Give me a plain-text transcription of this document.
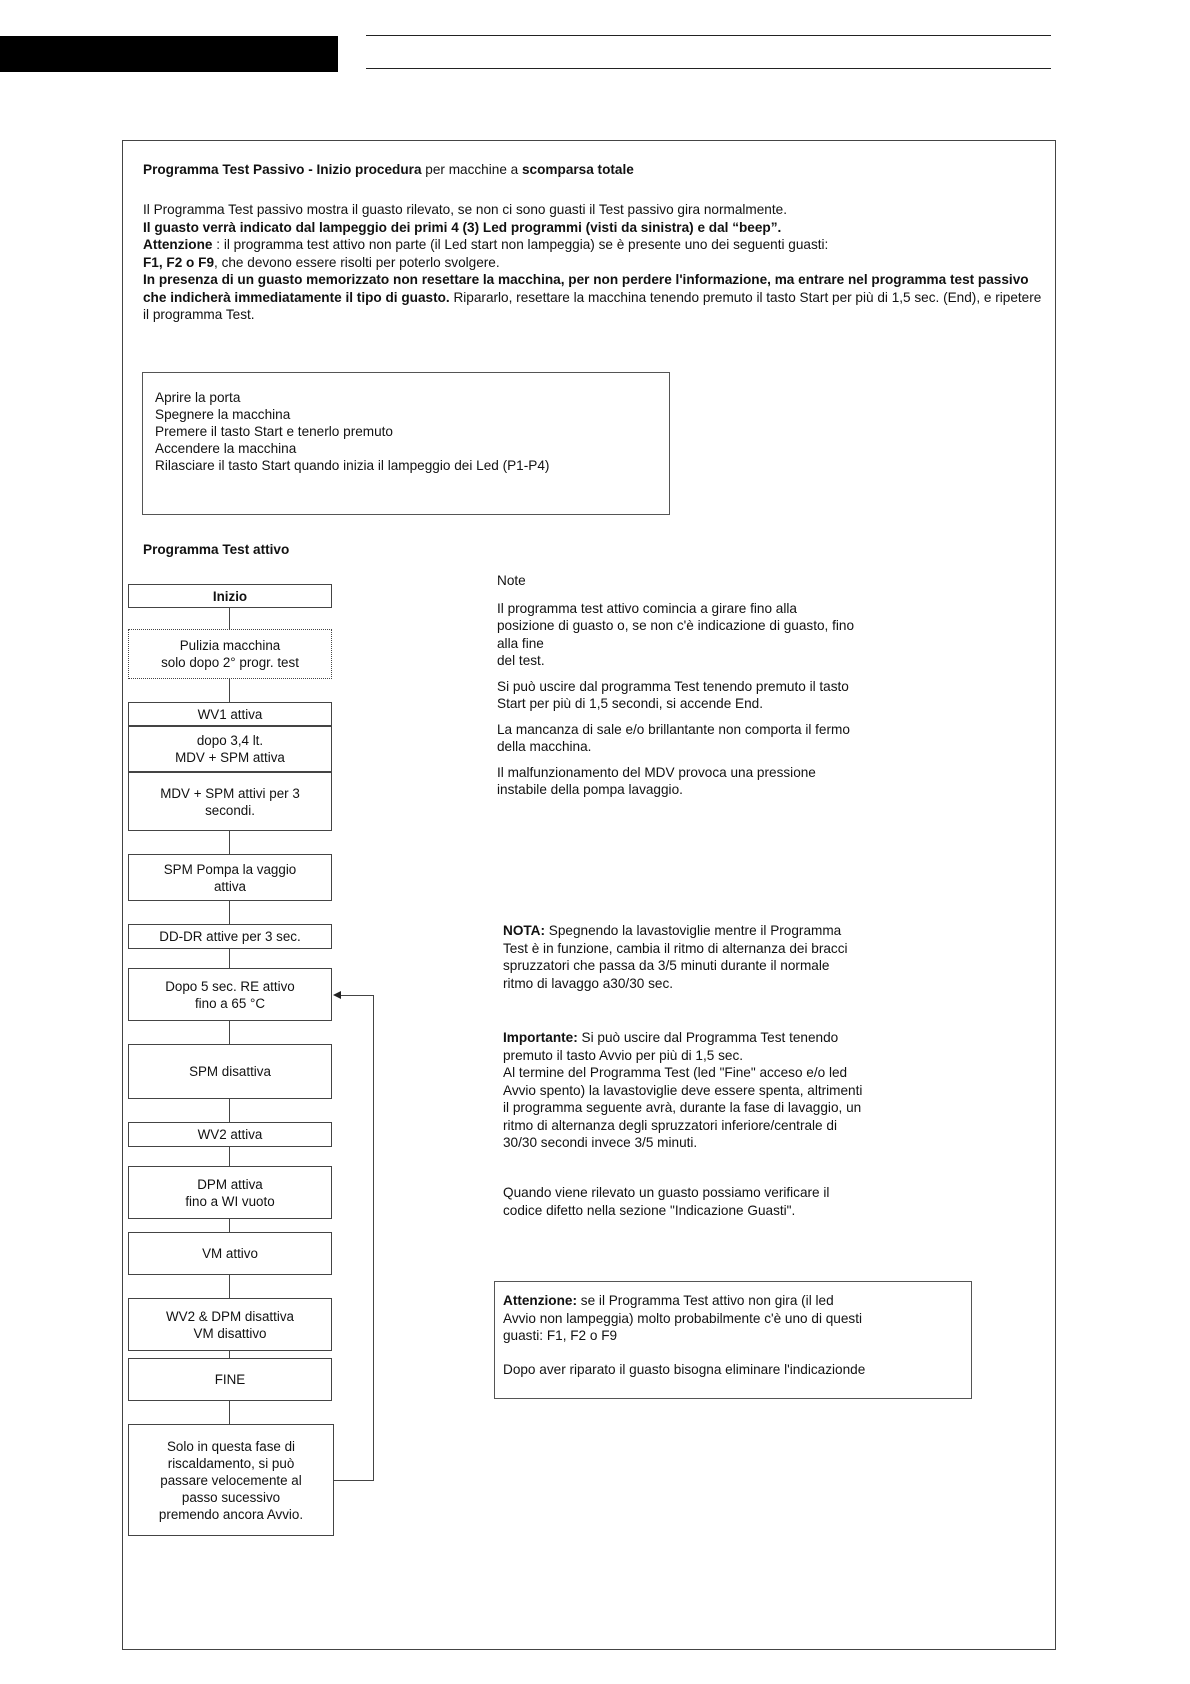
Programma Test Passivo - Inizio procedura per macchine a scomparsa totale
Il Programma Test passivo mostra il guasto rilevato, se non ci sono guasti il Test passivo gira normalmente.
Il guasto verrà indicato dal lampeggio dei primi 4 (3) Led programmi (visti da sinistra) e dal “beep”.
Attenzione : il programma test attivo non parte (il Led start non lampeggia) se è presente uno dei seguenti guasti:
F1, F2 o F9, che devono essere risolti per poterlo svolgere.
In presenza di un guasto memorizzato non resettare la macchina, per non perdere l'informazione, ma entrare nel programma test passivo che indicherà immediatamente il tipo di guasto. Ripararlo, resettare la macchina tenendo premuto il tasto Start per più di 1,5 sec. (End), e ripetere il programma Test.
Aprire la porta
Spegnere la macchina
Premere il tasto Start e tenerlo premuto
Accendere la macchina
Rilasciare il tasto Start quando inizia il lampeggio dei Led (P1-P4)
Programma Test attivo
Inizio
Pulizia macchina
solo dopo 2° progr. test
WV1 attiva
dopo 3,4 lt.
MDV + SPM attiva
MDV + SPM attivi per 3
secondi.
SPM Pompa la vaggio
attiva
DD-DR attive per 3 sec.
Dopo 5 sec. RE attivo
fino a 65 °C
SPM disattiva
WV2 attiva
DPM attiva
fino a WI vuoto
VM attivo
WV2 & DPM disattiva
VM disattivo
FINE
Solo in questa fase di
riscaldamento, si può
passare velocemente al
passo sucessivo
premendo ancora Avvio.

Note

Il programma test attivo comincia a girare fino alla
posizione di guasto o, se non c'è indicazione di guasto, fino
alla fine
del test.

Si può uscire dal programma Test tenendo premuto il tasto
Start per più di 1,5 secondi, si accende End.

La mancanza di sale e/o brillantante non comporta il fermo
della macchina.

Il malfunzionamento del MDV provoca una pressione
instabile della pompa lavaggio.

NOTA: Spegnendo la lavastoviglie mentre il Programma
Test è in funzione, cambia il ritmo di alternanza dei bracci
spruzzatori che passa da 3/5 minuti durante il normale
ritmo di lavaggo a30/30 sec.
Importante: Si può uscire dal Programma Test tenendo
premuto il tasto Avvio per più di 1,5 sec.
Al termine del Programma Test (led "Fine" acceso e/o led
Avvio spento) la lavastoviglie deve essere spenta, altrimenti
il programma seguente avrà, durante la fase di lavaggio, un
ritmo di alternanza degli spruzzatori inferiore/centrale di
30/30 secondi invece 3/5 minuti.
Quando viene rilevato un guasto possiamo verificare il
codice difetto nella sezione "Indicazione Guasti".
Attenzione: se il Programma Test attivo non gira (il led
Avvio non lampeggia) molto probabilmente c'è uno di questi
guasti: F1, F2 o F9
Dopo aver riparato il guasto bisogna eliminare l'indicazionde
